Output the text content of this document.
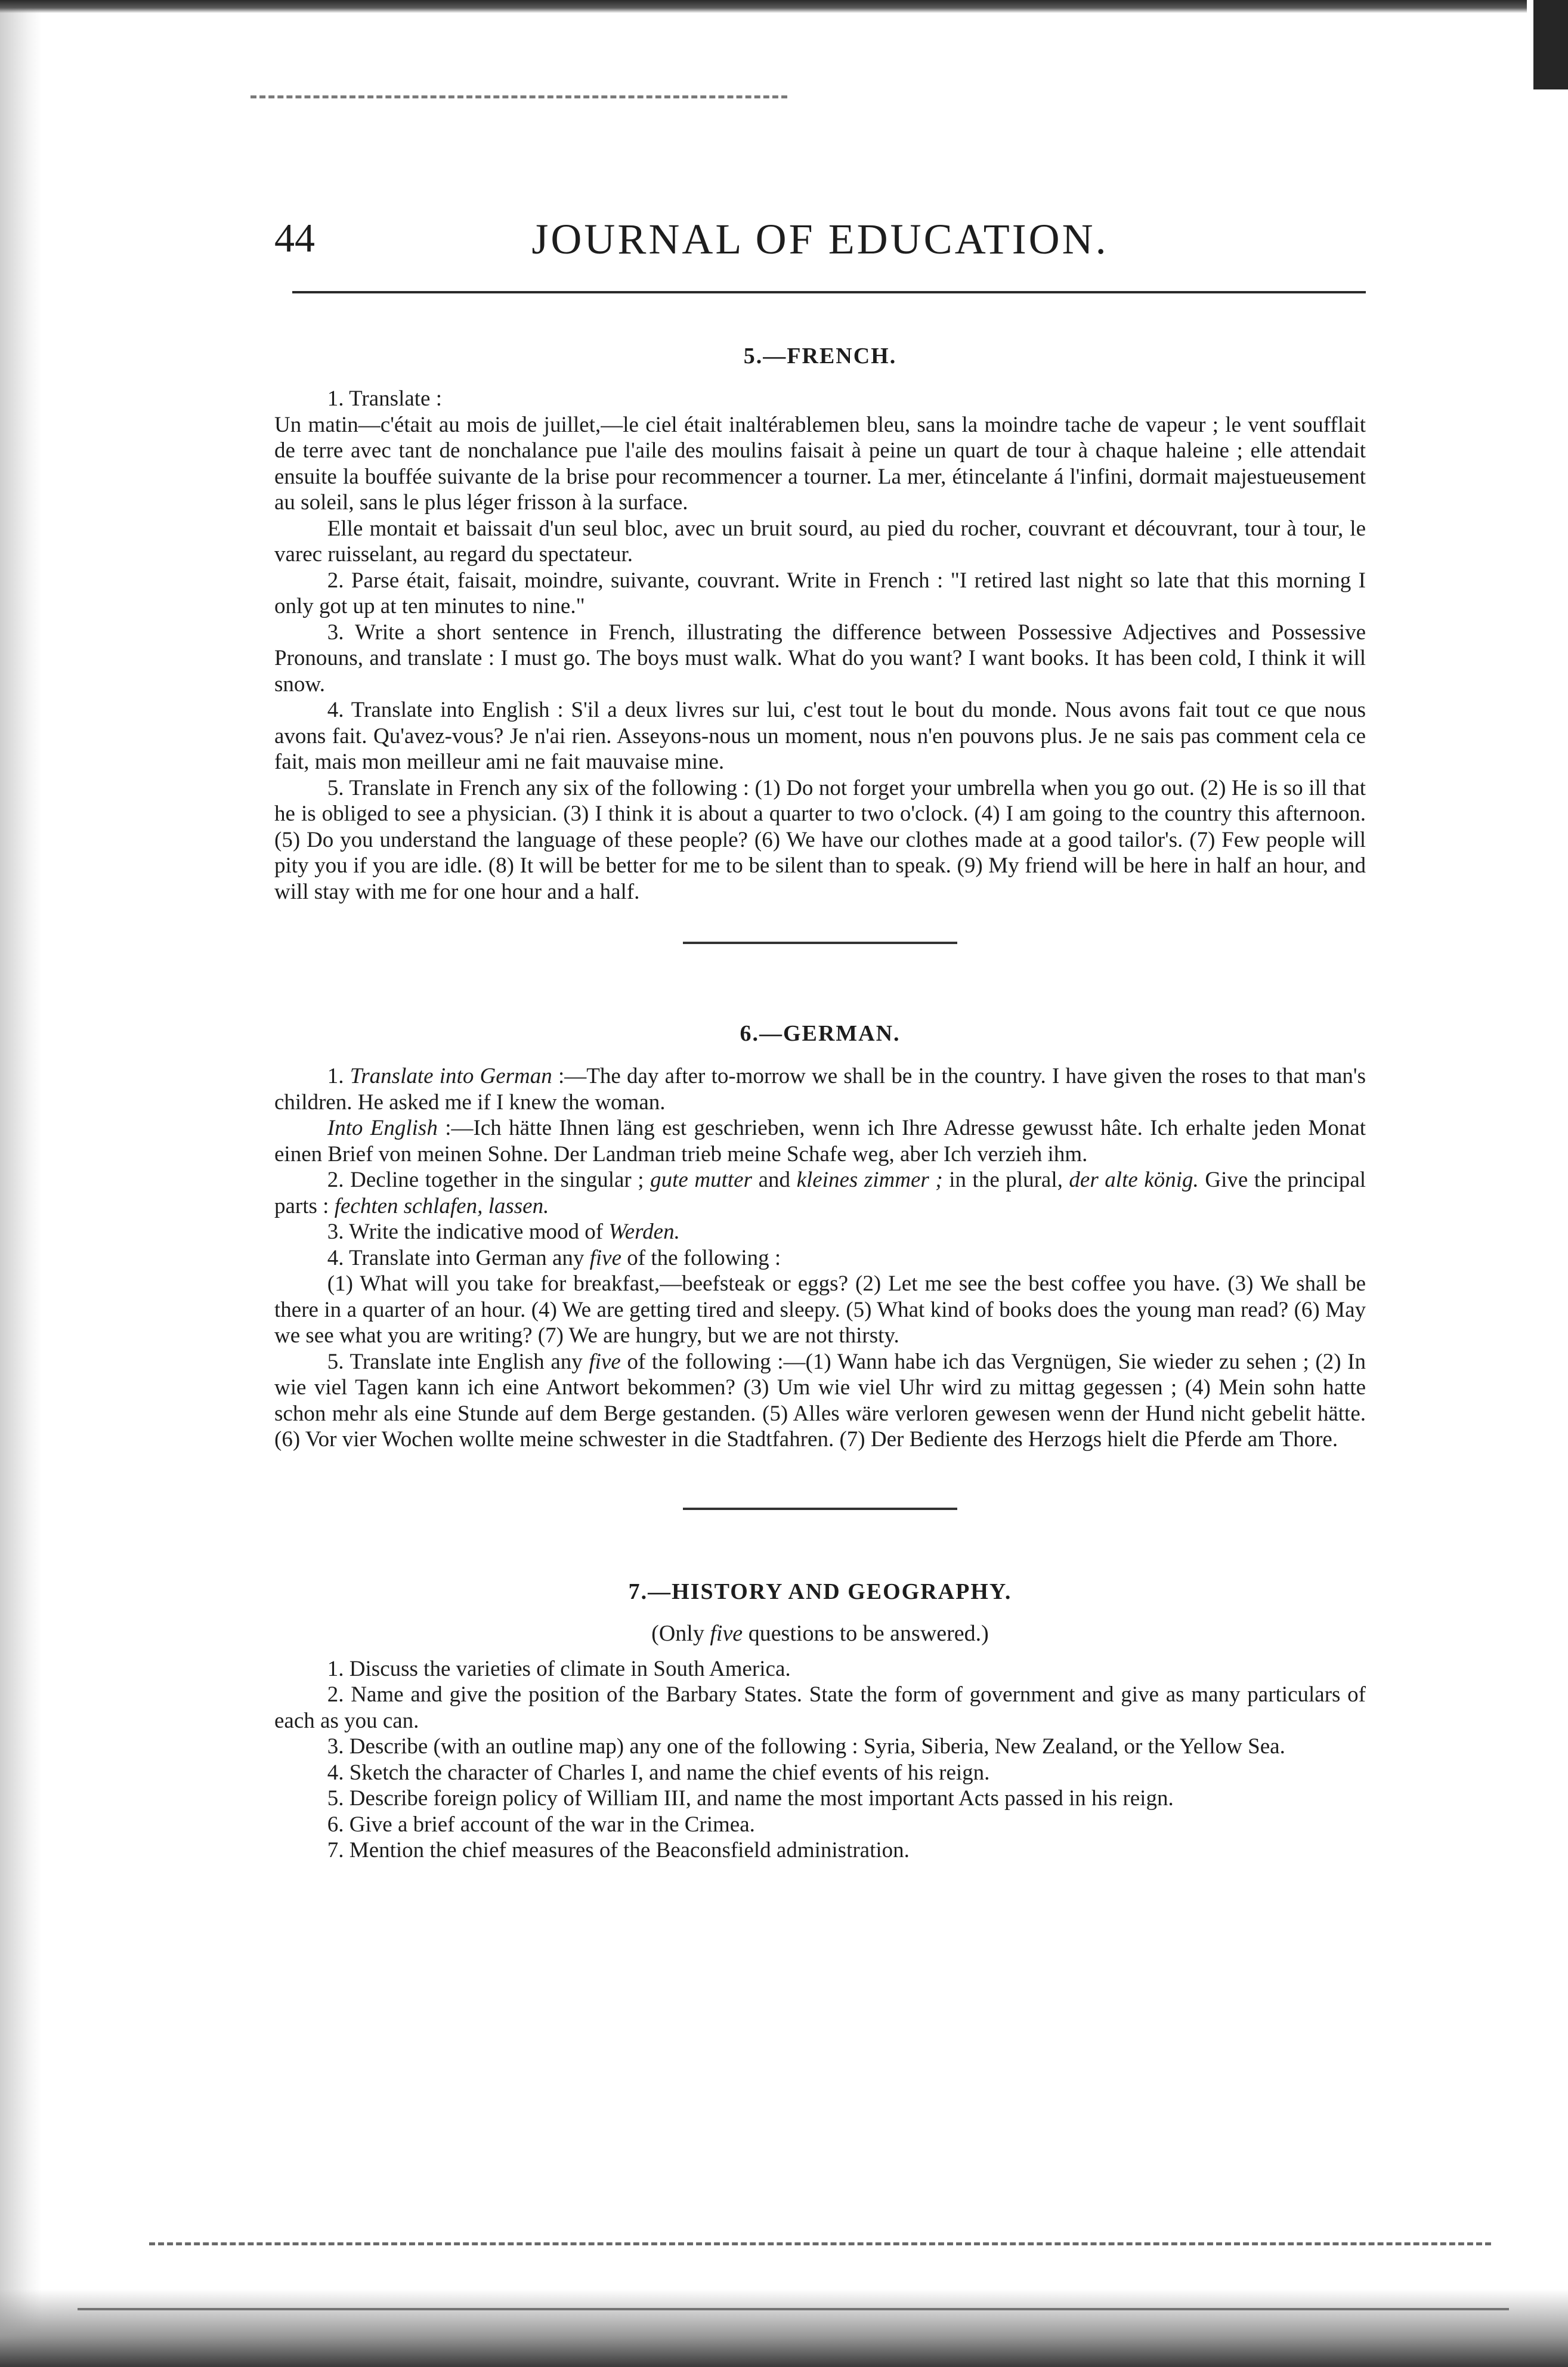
44	JOURNAL OF EDUCATION.
5.—FRENCH.

1. Translate :

Un matin—c'était au mois de juillet,—le ciel était inaltérablemen bleu, sans la moindre tache de vapeur ; le vent soufflait de terre avec tant de nonchalance pue l'aile des moulins faisait à peine un quart de tour à chaque haleine ; elle attendait ensuite la bouffée suivante de la brise pour recommencer a tourner. La mer, étincelante á l'infini, dormait majestueusement au soleil, sans le plus léger frisson à la surface.

Elle montait et baissait d'un seul bloc, avec un bruit sourd, au pied du rocher, couvrant et découvrant, tour à tour, le varec ruisselant, au regard du spectateur.

2. Parse était, faisait, moindre, suivante, couvrant. Write in French : "I retired last night so late that this morning I only got up at ten minutes to nine."

3. Write a short sentence in French, illustrating the difference between Possessive Adjectives and Possessive Pronouns, and translate : I must go. The boys must walk. What do you want? I want books. It has been cold, I think it will snow.

4. Translate into English : S'il a deux livres sur lui, c'est tout le bout du monde. Nous avons fait tout ce que nous avons fait. Qu'avez-vous? Je n'ai rien. Asseyons-nous un moment, nous n'en pouvons plus. Je ne sais pas comment cela ce fait, mais mon meilleur ami ne fait mauvaise mine.

5. Translate in French any six of the following : (1) Do not forget your umbrella when you go out. (2) He is so ill that he is obliged to see a physician. (3) I think it is about a quarter to two o'clock. (4) I am going to the country this afternoon. (5) Do you understand the language of these people? (6) We have our clothes made at a good tailor's. (7) Few people will pity you if you are idle. (8) It will be better for me to be silent than to speak. (9) My friend will be here in half an hour, and will stay with me for one hour and a half.

6.—GERMAN.

1. Translate into German :—The day after to-morrow we shall be in the country. I have given the roses to that man's children. He asked me if I knew the woman.

Into English :—Ich hätte Ihnen läng est geschrieben, wenn ich Ihre Adresse gewusst hâte. Ich erhalte jeden Monat einen Brief von meinen Sohne. Der Landman trieb meine Schafe weg, aber Ich verzieh ihm.

2. Decline together in the singular ; gute mutter and kleines zimmer ; in the plural, der alte könig. Give the principal parts : fechten schlafen, lassen.

3. Write the indicative mood of Werden.

4. Translate into German any five of the following :

(1) What will you take for breakfast,—beefsteak or eggs? (2) Let me see the best coffee you have. (3) We shall be there in a quarter of an hour. (4) We are getting tired and sleepy. (5) What kind of books does the young man read? (6) May we see what you are writing? (7) We are hungry, but we are not thirsty.

5. Translate inte English any five of the following :—(1) Wann habe ich das Vergnügen, Sie wieder zu sehen ; (2) In wie viel Tagen kann ich eine Antwort bekommen? (3) Um wie viel Uhr wird zu mittag gegessen ; (4) Mein sohn hatte schon mehr als eine Stunde auf dem Berge gestanden. (5) Alles wäre verloren gewesen wenn der Hund nicht gebelit hätte. (6) Vor vier Wochen wollte meine schwester in die Stadtfahren. (7) Der Bediente des Herzogs hielt die Pferde am Thore.

7.—HISTORY AND GEOGRAPHY.

(Only five questions to be answered.)

1. Discuss the varieties of climate in South America.

2. Name and give the position of the Barbary States. State the form of government and give as many particulars of each as you can.

3. Describe (with an outline map) any one of the following : Syria, Siberia, New Zealand, or the Yellow Sea.

4. Sketch the character of Charles I, and name the chief events of his reign.

5. Describe foreign policy of William III, and name the most important Acts passed in his reign.

6. Give a brief account of the war in the Crimea.

7. Mention the chief measures of the Beaconsfield administration.
